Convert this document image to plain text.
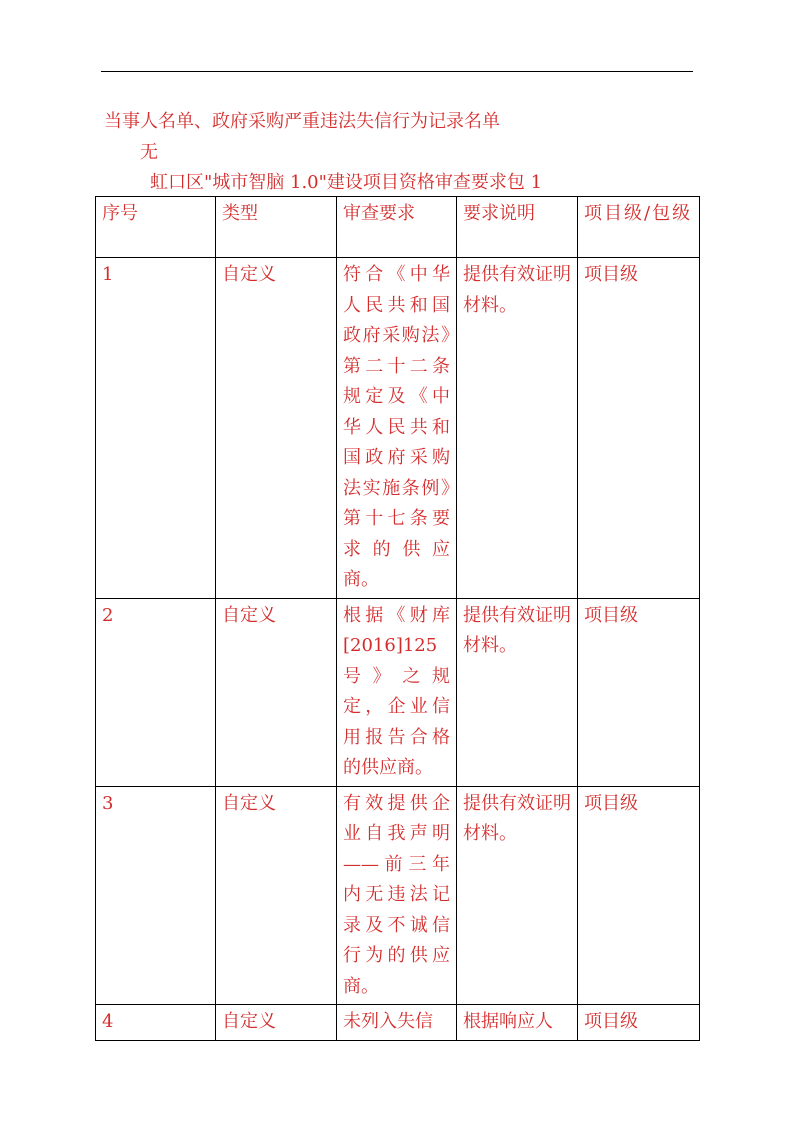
当事人名单、政府采购严重违法失信行为记录名单
无
虹口区"城市智脑 1.0"建设项目资格审查要求包 1
序号	类型	审查要求	要求说明	项目级/包级
1	自定义	符合《中华人民共和国政府采购法》第二十二条规定及《中华人民共和国政府采购法实施条例》第十七条要求的供应商。	提供有效证明材料。	项目级
2	自定义	根据《财库[2016]125号》之规定，企业信用报告合格的供应商。	提供有效证明材料。	项目级
3	自定义	有效提供企业自我声明——前三年内无违法记录及不诚信行为的供应商。	提供有效证明材料。	项目级
4	自定义	未列入失信	根据响应人	项目级
